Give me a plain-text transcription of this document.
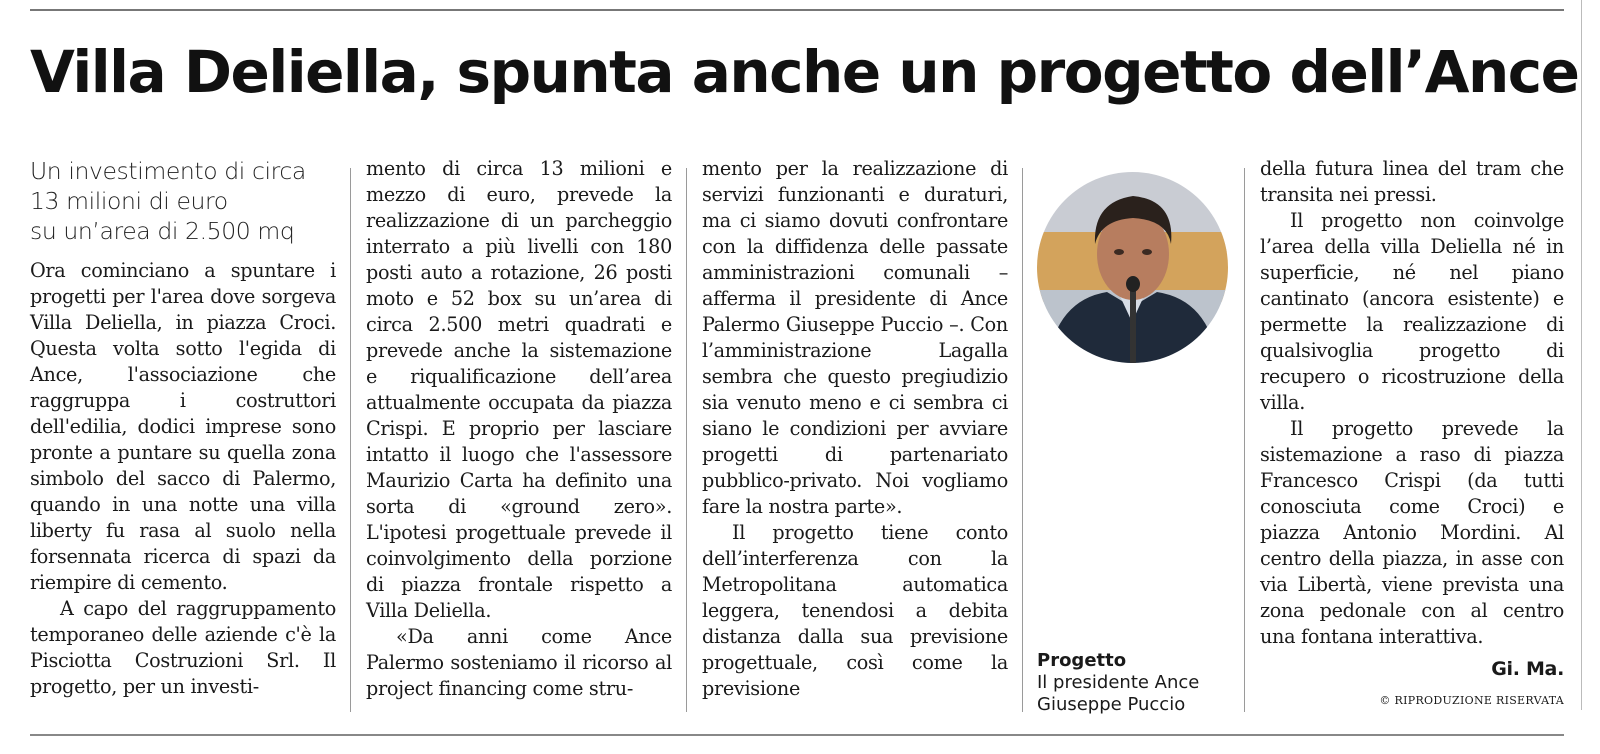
Villa Deliella, spunta anche un progetto dell’Ance
Un investimento di circa
13 milioni di euro
su un’area di 2.500 mq

Ora cominciano a spuntare i progetti per l'area dove sorgeva Villa Deliella, in piazza Croci. Questa volta sotto l'egida di Ance, l'associazione che raggruppa i costruttori dell'edilia, dodici imprese sono pronte a puntare su quella zona simbolo del sacco di Palermo, quando in una notte una villa liberty fu rasa al suolo nella forsennata ricerca di spazi da riempire di cemento.

A capo del raggruppamento temporaneo delle aziende c'è la Pisciotta Costruzioni Srl. Il progetto, per un investi-

mento di circa 13 milioni e mezzo di euro, prevede la realizzazione di un parcheggio interrato a più livelli con 180 posti auto a rotazione, 26 posti moto e 52 box su un’area di circa 2.500 metri quadrati e prevede anche la sistemazione e riqualificazione dell’area attualmente occupata da piazza Crispi. E proprio per lasciare intatto il luogo che l'assessore Maurizio Carta ha definito una sorta di «ground zero». L'ipotesi progettuale prevede il coinvolgimento della porzione di piazza frontale rispetto a Villa Deliella.

«Da anni come Ance Palermo sosteniamo il ricorso al project financing come stru-

mento per la realizzazione di servizi funzionanti e duraturi, ma ci siamo dovuti confrontare con la diffidenza delle passate amministrazioni comunali – afferma il presidente di Ance Palermo Giuseppe Puccio –. Con l’amministrazione Lagalla sembra che questo pregiudizio sia venuto meno e ci sembra ci siano le condizioni per avviare progetti di partenariato pubblico-privato. Noi vogliamo fare la nostra parte».

Il progetto tiene conto dell’interferenza con la Metropolitana automatica leggera, tenendosi a debita distanza dalla sua previsione progettuale, così come la previsione

Progetto
Il presidente Ance
Giuseppe Puccio

della futura linea del tram che transita nei pressi.

Il progetto non coinvolge l’area della villa Deliella né in superficie, né nel piano cantinato (ancora esistente) e permette la realizzazione di qualsivoglia progetto di recupero o ricostruzione della villa.

Il progetto prevede la sistemazione a raso di piazza Francesco Crispi (da tutti conosciuta come Croci) e piazza Antonio Mordini. Al centro della piazza, in asse con via Libertà, viene prevista una zona pedonale con al centro una fontana interattiva.

Gi. Ma.
© RIPRODUZIONE RISERVATA
